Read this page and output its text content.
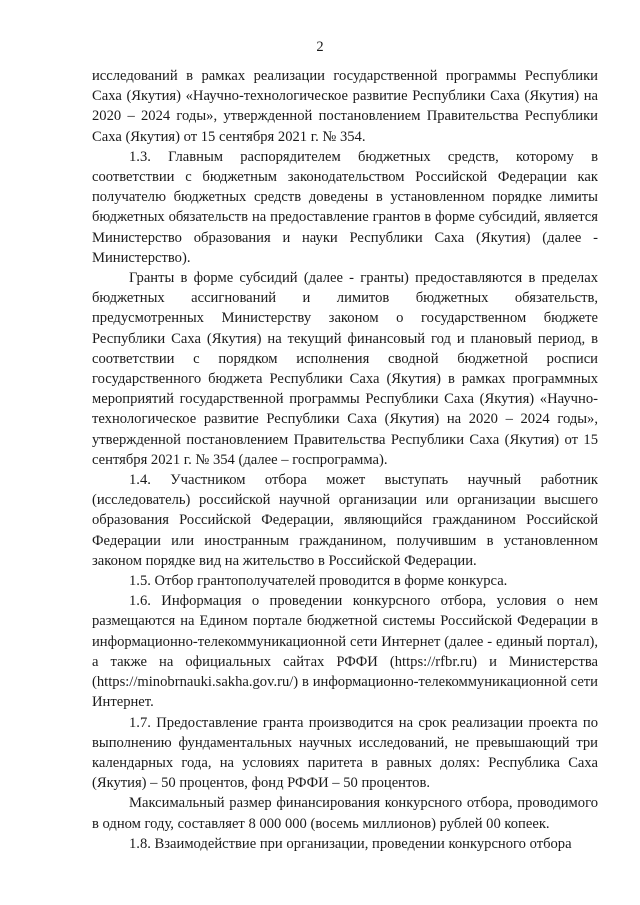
2

исследований в рамках реализации государственной программы Республики Саха (Якутия) «Научно-технологическое развитие Республики Саха (Якутия) на 2020 – 2024 годы», утвержденной постановлением Правительства Республики Саха (Якутия) от 15 сентября 2021 г. № 354.

1.3. Главным распорядителем бюджетных средств, которому в соответствии с бюджетным законодательством Российской Федерации как получателю бюджетных средств доведены в установленном порядке лимиты бюджетных обязательств на предоставление грантов в форме субсидий, является Министерство образования и науки Республики Саха (Якутия) (далее - Министерство).

Гранты в форме субсидий (далее - гранты) предоставляются в пределах бюджетных ассигнований и лимитов бюджетных обязательств, предусмотренных Министерству законом о государственном бюджете Республики Саха (Якутия) на текущий финансовый год и плановый период, в соответствии с порядком исполнения сводной бюджетной росписи государственного бюджета Республики Саха (Якутия) в рамках программных мероприятий государственной программы Республики Саха (Якутия) «Научно-технологическое развитие Республики Саха (Якутия) на 2020 – 2024 годы», утвержденной постановлением Правительства Республики Саха (Якутия) от 15 сентября 2021 г. № 354 (далее – госпрограмма).

1.4. Участником отбора может выступать научный работник (исследователь) российской научной организации или организации высшего образования Российской Федерации, являющийся гражданином Российской Федерации или иностранным гражданином, получившим в установленном законом порядке вид на жительство в Российской Федерации.

1.5. Отбор грантополучателей проводится в форме конкурса.

1.6. Информация о проведении конкурсного отбора, условия о нем размещаются на Едином портале бюджетной системы Российской Федерации в информационно-телекоммуникационной сети Интернет (далее - единый портал), а также на официальных сайтах РФФИ (https://rfbr.ru) и Министерства (https://minobrnauki.sakha.gov.ru/) в информационно-телекоммуникационной сети Интернет.

1.7. Предоставление гранта производится на срок реализации проекта по выполнению фундаментальных научных исследований, не превышающий три календарных года, на условиях паритета в равных долях: Республика Саха (Якутия) – 50 процентов, фонд РФФИ – 50 процентов.

Максимальный размер финансирования конкурсного отбора, проводимого в одном году, составляет 8 000 000 (восемь миллионов) рублей 00 копеек.

1.8. Взаимодействие при организации, проведении конкурсного отбора
